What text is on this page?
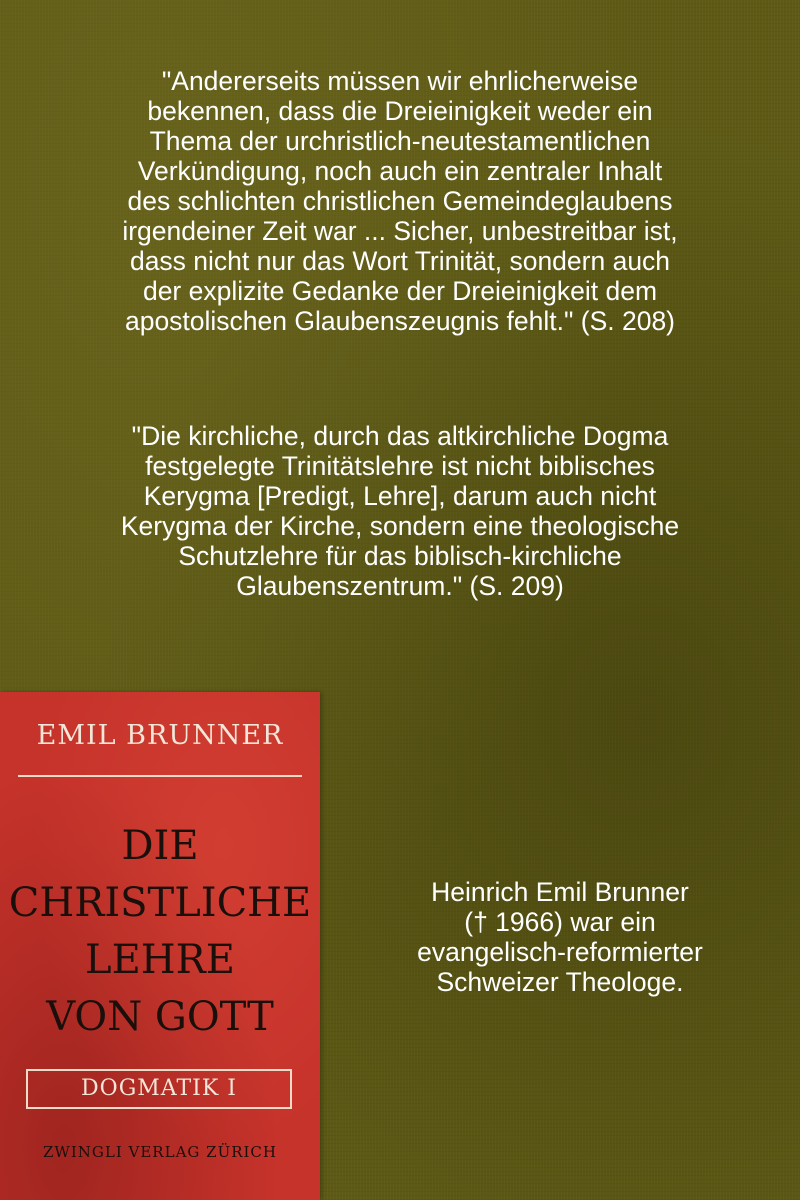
"Andererseits müssen wir ehrlicherweise
bekennen, dass die Dreieinigkeit weder ein
Thema der urchristlich-neutestamentlichen
Verkündigung, noch auch ein zentraler Inhalt
des schlichten christlichen Gemeindeglaubens
irgendeiner Zeit war ... Sicher, unbestreitbar ist,
dass nicht nur das Wort Trinität, sondern auch
der explizite Gedanke der Dreieinigkeit dem
apostolischen Glaubenszeugnis fehlt." (S. 208)
"Die kirchliche, durch das altkirchliche Dogma
festgelegte Trinitätslehre ist nicht biblisches
Kerygma [Predigt, Lehre], darum auch nicht
Kerygma der Kirche, sondern eine theologische
Schutzlehre für das biblisch-kirchliche
Glaubenszentrum." (S. 209)
EMIL BRUNNER
DIE
CHRISTLICHE
LEHRE
VON GOTT
DOGMATIK I
ZWINGLI VERLAG ZÜRICH
Heinrich Emil Brunner
(† 1966) war ein
evangelisch-reformierter
Schweizer Theologe.
